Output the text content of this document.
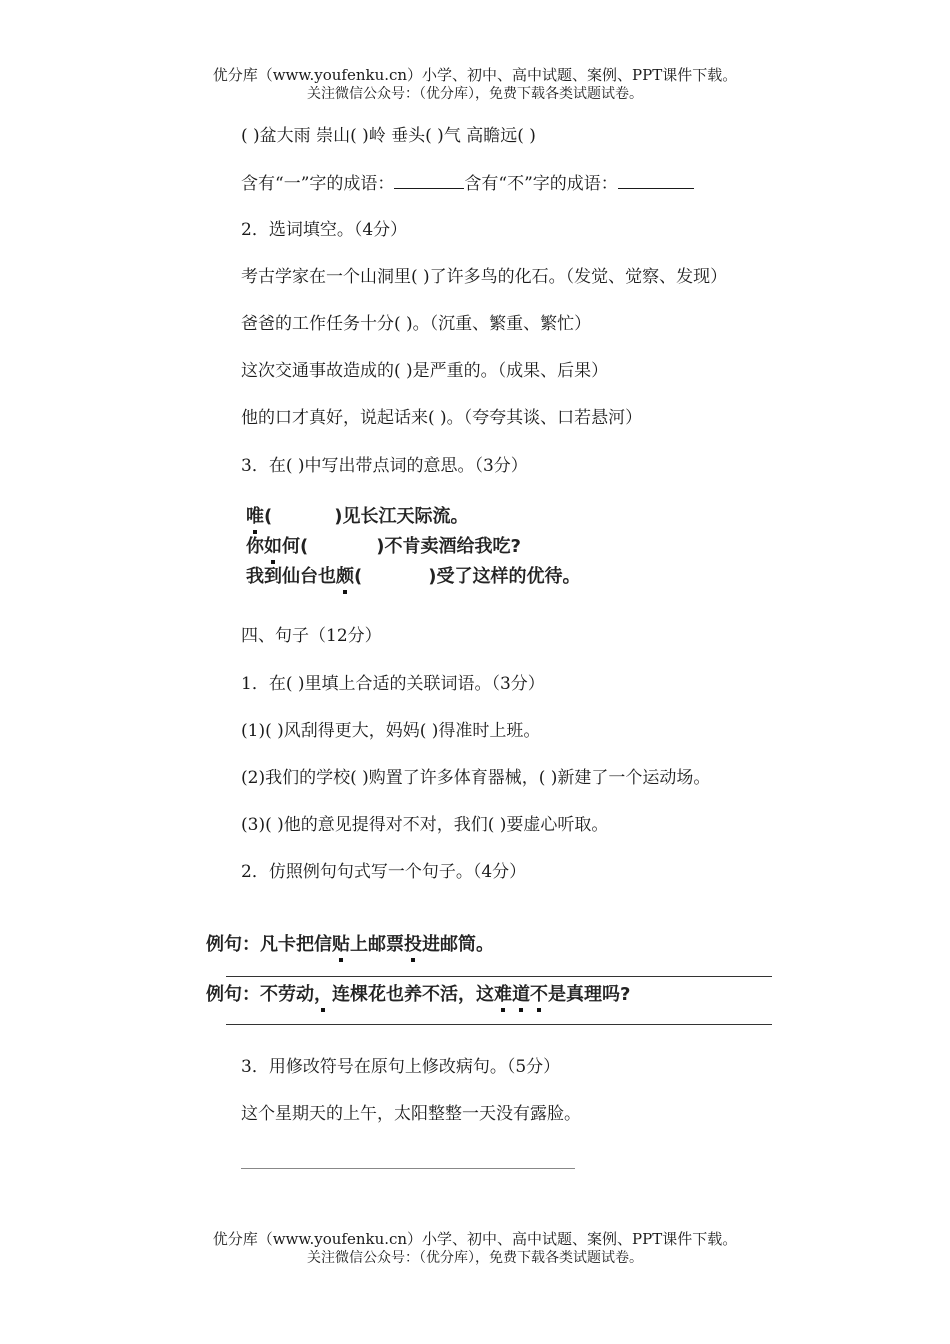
优分库（www.youfenku.cn）小学、初中、高中试题、案例、PPT课件下载。
关注微信公众号：（优分库），免费下载各类试题试卷。
( )盆大雨 崇山( )岭 垂头( )气 高瞻远( )
含有“一”字的成语：	含有“不”字的成语：
2．选词填空。（4分）
考古学家在一个山洞里( )了许多鸟的化石。（发觉、觉察、发现）
爸爸的工作任务十分( )。（沉重、繁重、繁忙）
这次交通事故造成的( )是严重的。（成果、后果）
他的口才真好，说起话来( )。（夸夸其谈、口若悬河）
3．在( )中写出带点词的意思。（3分）
唯(	)见长江天际流。
你如何(	)不肯卖酒给我吃?
我到仙台也颇(	)受了这样的优待。
四、句子（12分）
1．在( )里填上合适的关联词语。（3分）
(1)( )风刮得更大，妈妈( )得准时上班。
(2)我们的学校( )购置了许多体育器械，( )新建了一个运动场。
(3)( )他的意见提得对不对，我们( )要虚心听取。
2．仿照例句句式写一个句子。（4分）
例句：凡卡把信贴上邮票投进邮筒。
例句：不劳动，连棵花也养不活，这难道不是真理吗?
3．用修改符号在原句上修改病句。（5分）
这个星期天的上午，太阳整整一天没有露脸。
优分库（www.youfenku.cn）小学、初中、高中试题、案例、PPT课件下载。
关注微信公众号：（优分库），免费下载各类试题试卷。
